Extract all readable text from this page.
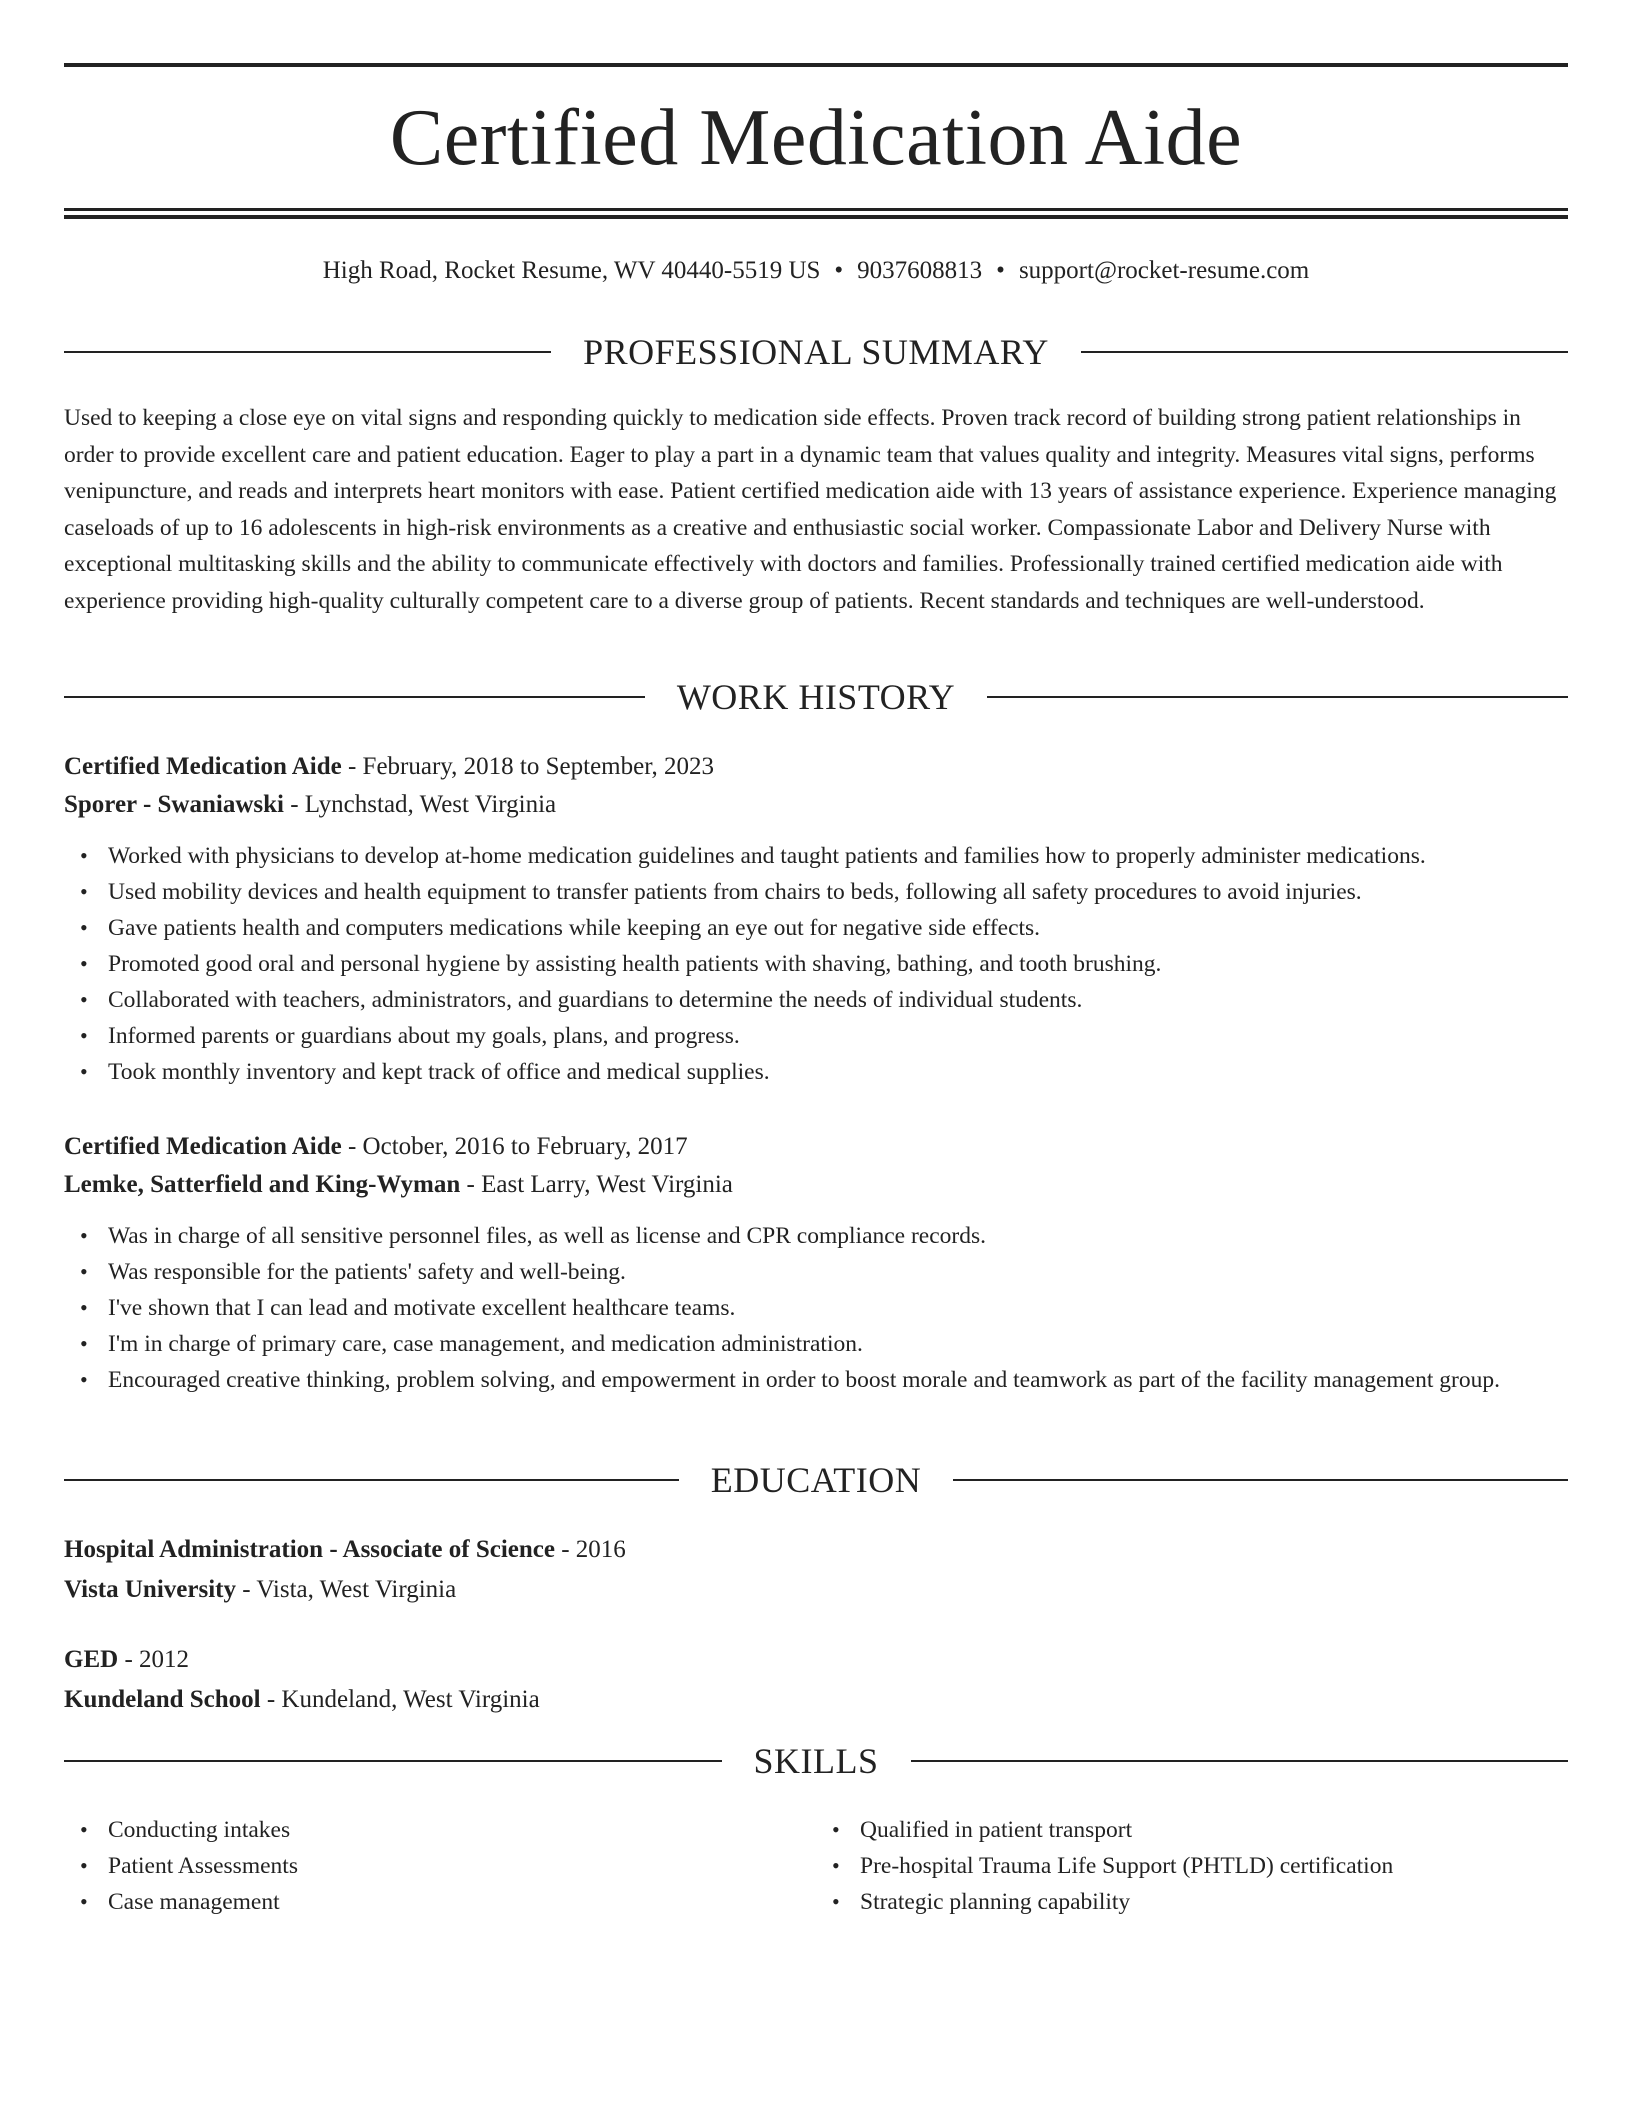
Certified Medication Aide
High Road, Rocket Resume, WV 40440-5519 US • 9037608813 • support@rocket-resume.com
PROFESSIONAL SUMMARY
Used to keeping a close eye on vital signs and responding quickly to medication side effects. Proven track record of building strong patient relationships in order to provide excellent care and patient education. Eager to play a part in a dynamic team that values quality and integrity. Measures vital signs, performs venipuncture, and reads and interprets heart monitors with ease. Patient certified medication aide with 13 years of assistance experience. Experience managing caseloads of up to 16 adolescents in high-risk environments as a creative and enthusiastic social worker. Compassionate Labor and Delivery Nurse with exceptional multitasking skills and the ability to communicate effectively with doctors and families. Professionally trained certified medication aide with experience providing high-quality culturally competent care to a diverse group of patients. Recent standards and techniques are well-understood.
WORK HISTORY
Certified Medication Aide - February, 2018 to September, 2023
Sporer - Swaniawski - Lynchstad, West Virginia
• Worked with physicians to develop at-home medication guidelines and taught patients and families how to properly administer medications.
• Used mobility devices and health equipment to transfer patients from chairs to beds, following all safety procedures to avoid injuries.
• Gave patients health and computers medications while keeping an eye out for negative side effects.
• Promoted good oral and personal hygiene by assisting health patients with shaving, bathing, and tooth brushing.
• Collaborated with teachers, administrators, and guardians to determine the needs of individual students.
• Informed parents or guardians about my goals, plans, and progress.
• Took monthly inventory and kept track of office and medical supplies.
Certified Medication Aide - October, 2016 to February, 2017
Lemke, Satterfield and King-Wyman - East Larry, West Virginia
• Was in charge of all sensitive personnel files, as well as license and CPR compliance records.
• Was responsible for the patients' safety and well-being.
• I've shown that I can lead and motivate excellent healthcare teams.
• I'm in charge of primary care, case management, and medication administration.
• Encouraged creative thinking, problem solving, and empowerment in order to boost morale and teamwork as part of the facility management group.
EDUCATION
Hospital Administration - Associate of Science - 2016
Vista University - Vista, West Virginia
GED - 2012
Kundeland School - Kundeland, West Virginia
SKILLS
• Conducting intakes
• Patient Assessments
• Case management
• Qualified in patient transport
• Pre-hospital Trauma Life Support (PHTLD) certification
• Strategic planning capability
